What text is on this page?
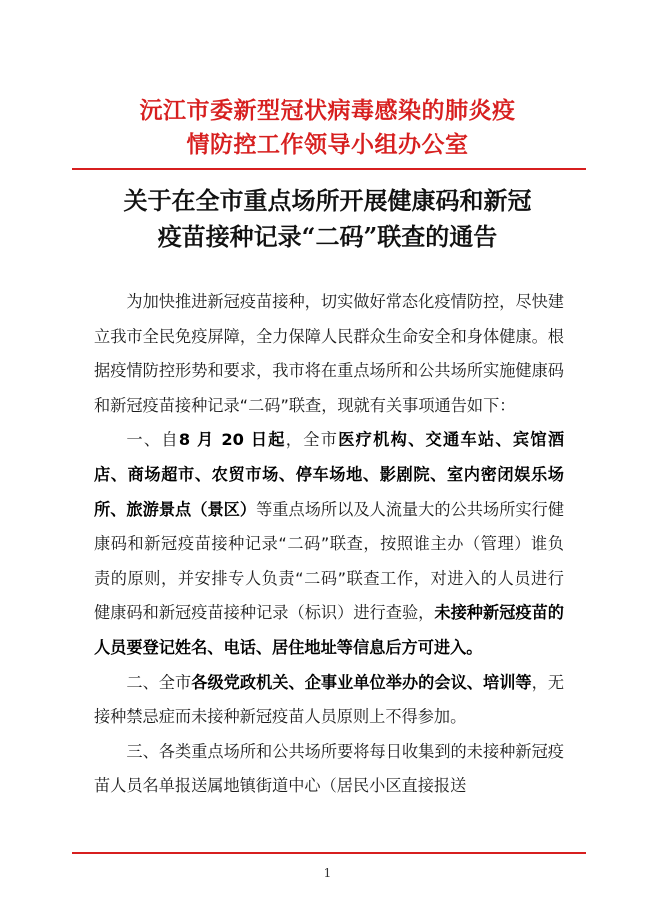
沅江市委新型冠状病毒感染的肺炎疫
情防控工作领导小组办公室
关于在全市重点场所开展健康码和新冠
疫苗接种记录“二码”联查的通告

为加快推进新冠疫苗接种，切实做好常态化疫情防控，尽快建立我市全民免疫屏障，全力保障人民群众生命安全和身体健康。根据疫情防控形势和要求，我市将在重点场所和公共场所实施健康码和新冠疫苗接种记录“二码”联查，现就有关事项通告如下：

一、自8 月 20 日起，全市医疗机构、交通车站、宾馆酒店、商场超市、农贸市场、停车场地、影剧院、室内密闭娱乐场所、旅游景点（景区）等重点场所以及人流量大的公共场所实行健康码和新冠疫苗接种记录“二码”联查，按照谁主办（管理）谁负责的原则，并安排专人负责“二码”联查工作，对进入的人员进行健康码和新冠疫苗接种记录（标识）进行查验，未接种新冠疫苗的人员要登记姓名、电话、居住地址等信息后方可进入。

二、全市各级党政机关、企事业单位举办的会议、培训等，无接种禁忌症而未接种新冠疫苗人员原则上不得参加。

三、各类重点场所和公共场所要将每日收集到的未接种新冠疫苗人员名单报送属地镇街道中心（居民小区直接报送

1
